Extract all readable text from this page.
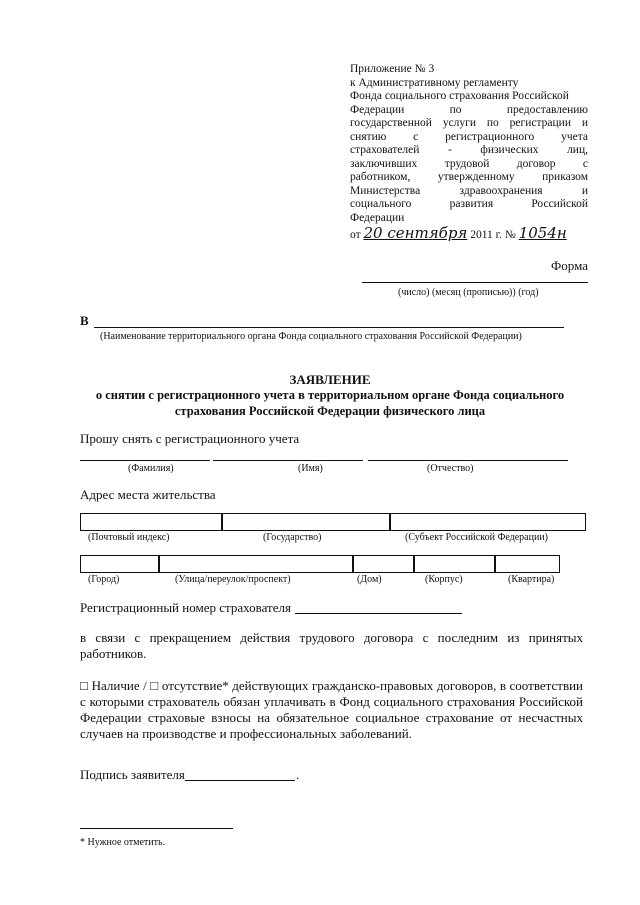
Приложение № 3
к Административному регламенту
Фонда социального страхования Российской
Федерации по предоставлению
государственной услуги по регистрации и
снятию с регистрационного учета
страхователей - физических лиц,
заключивших трудовой договор с
работником, утвержденному приказом
Министерства здравоохранения и
социального развития Российской
Федерации
от 20 сентября 2011 г. № 1054н
Форма
(число) (месяц (прописью)) (год)
В
(Наименование территориального органа Фонда социального страхования Российской Федерации)
ЗАЯВЛЕНИЕ
о снятии с регистрационного учета в территориальном органе Фонда социального
страхования Российской Федерации физического лица
Прошу снять с регистрационного учета
(Фамилия)	(Имя)	(Отчество)
Адрес места жительства
(Почтовый индекс)	(Государство)	(Субъект Российской Федерации)
(Город)	(Улица/переулок/проспект)	(Дом)	(Корпус)	(Квартира)
Регистрационный номер страхователя
в связи с прекращением действия трудового договора с последним из принятых
работников.
□ Наличие / □ отсутствие* действующих гражданско-правовых договоров, в соответствии
с которыми страхователь обязан уплачивать в Фонд социального страхования Российской
Федерации страховые взносы на обязательное социальное страхование от несчастных
случаев на производстве и профессиональных заболеваний.
Подпись заявителя	.
* Нужное отметить.
